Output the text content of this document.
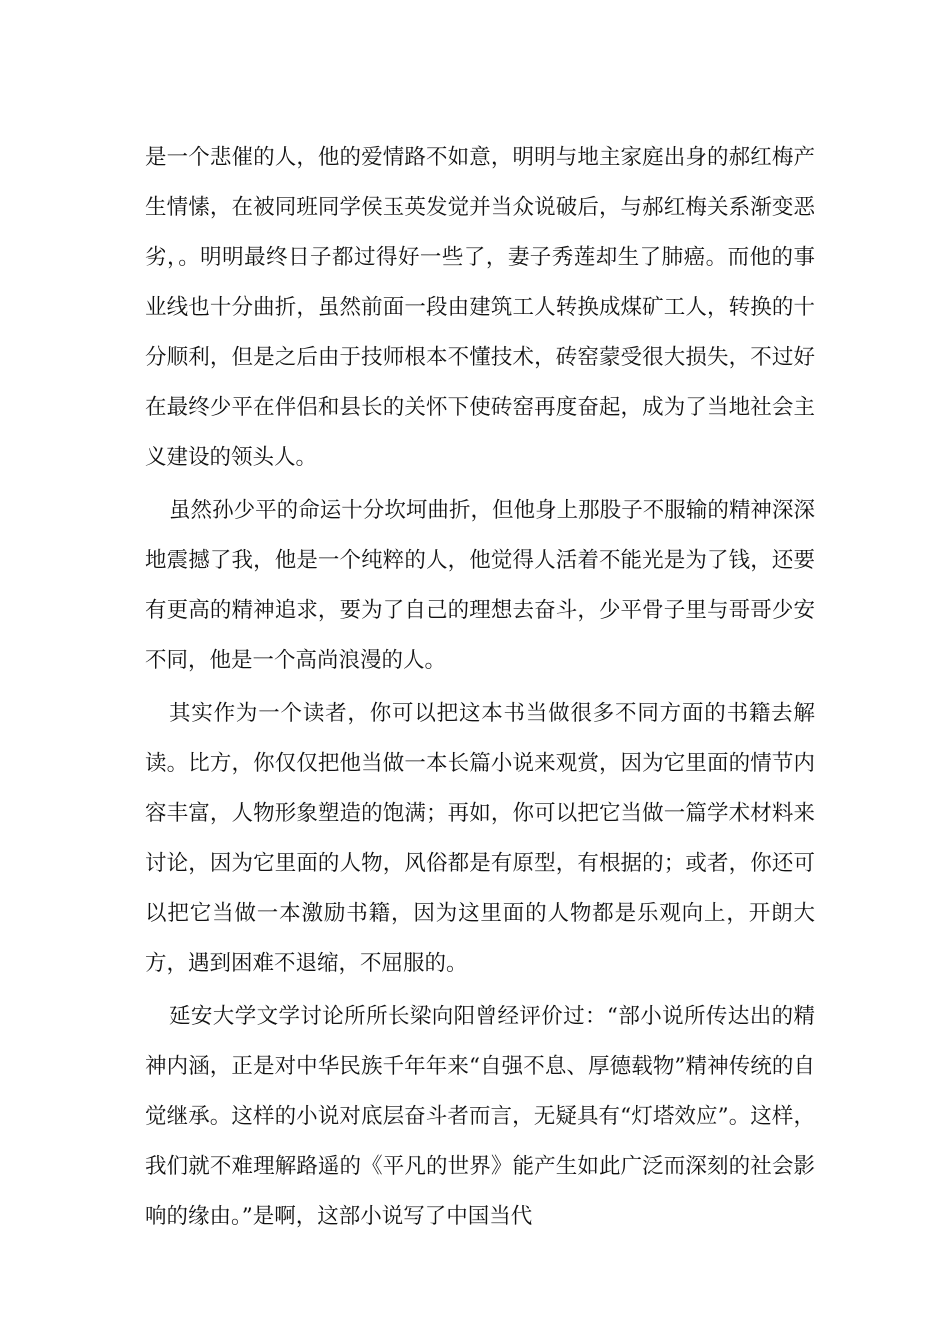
是一个悲催的人，他的爱情路不如意，明明与地主家庭出身的郝红梅产生情愫，在被同班同学侯玉英发觉并当众说破后，与郝红梅关系渐变恶劣，。明明最终日子都过得好一些了，妻子秀莲却生了肺癌。而他的事业线也十分曲折，虽然前面一段由建筑工人转换成煤矿工人，转换的十分顺利，但是之后由于技师根本不懂技术，砖窑蒙受很大损失，不过好在最终少平在伴侣和县长的关怀下使砖窑再度奋起，成为了当地社会主义建设的领头人。

虽然孙少平的命运十分坎坷曲折，但他身上那股子不服输的精神深深地震撼了我，他是一个纯粹的人，他觉得人活着不能光是为了钱，还要有更高的精神追求，要为了自己的理想去奋斗，少平骨子里与哥哥少安不同，他是一个高尚浪漫的人。

其实作为一个读者，你可以把这本书当做很多不同方面的书籍去解读。比方，你仅仅把他当做一本长篇小说来观赏，因为它里面的情节内容丰富，人物形象塑造的饱满；再如，你可以把它当做一篇学术材料来讨论，因为它里面的人物，风俗都是有原型，有根据的；或者，你还可以把它当做一本激励书籍，因为这里面的人物都是乐观向上，开朗大方，遇到困难不退缩，不屈服的。

延安大学文学讨论所所长梁向阳曾经评价过：“部小说所传达出的精神内涵，正是对中华民族千年年来“自强不息、厚德载物”精神传统的自觉继承。这样的小说对底层奋斗者而言，无疑具有“灯塔效应”。这样，我们就不难理解路遥的《平凡的世界》能产生如此广泛而深刻的社会影响的缘由。”是啊，这部小说写了中国当代
